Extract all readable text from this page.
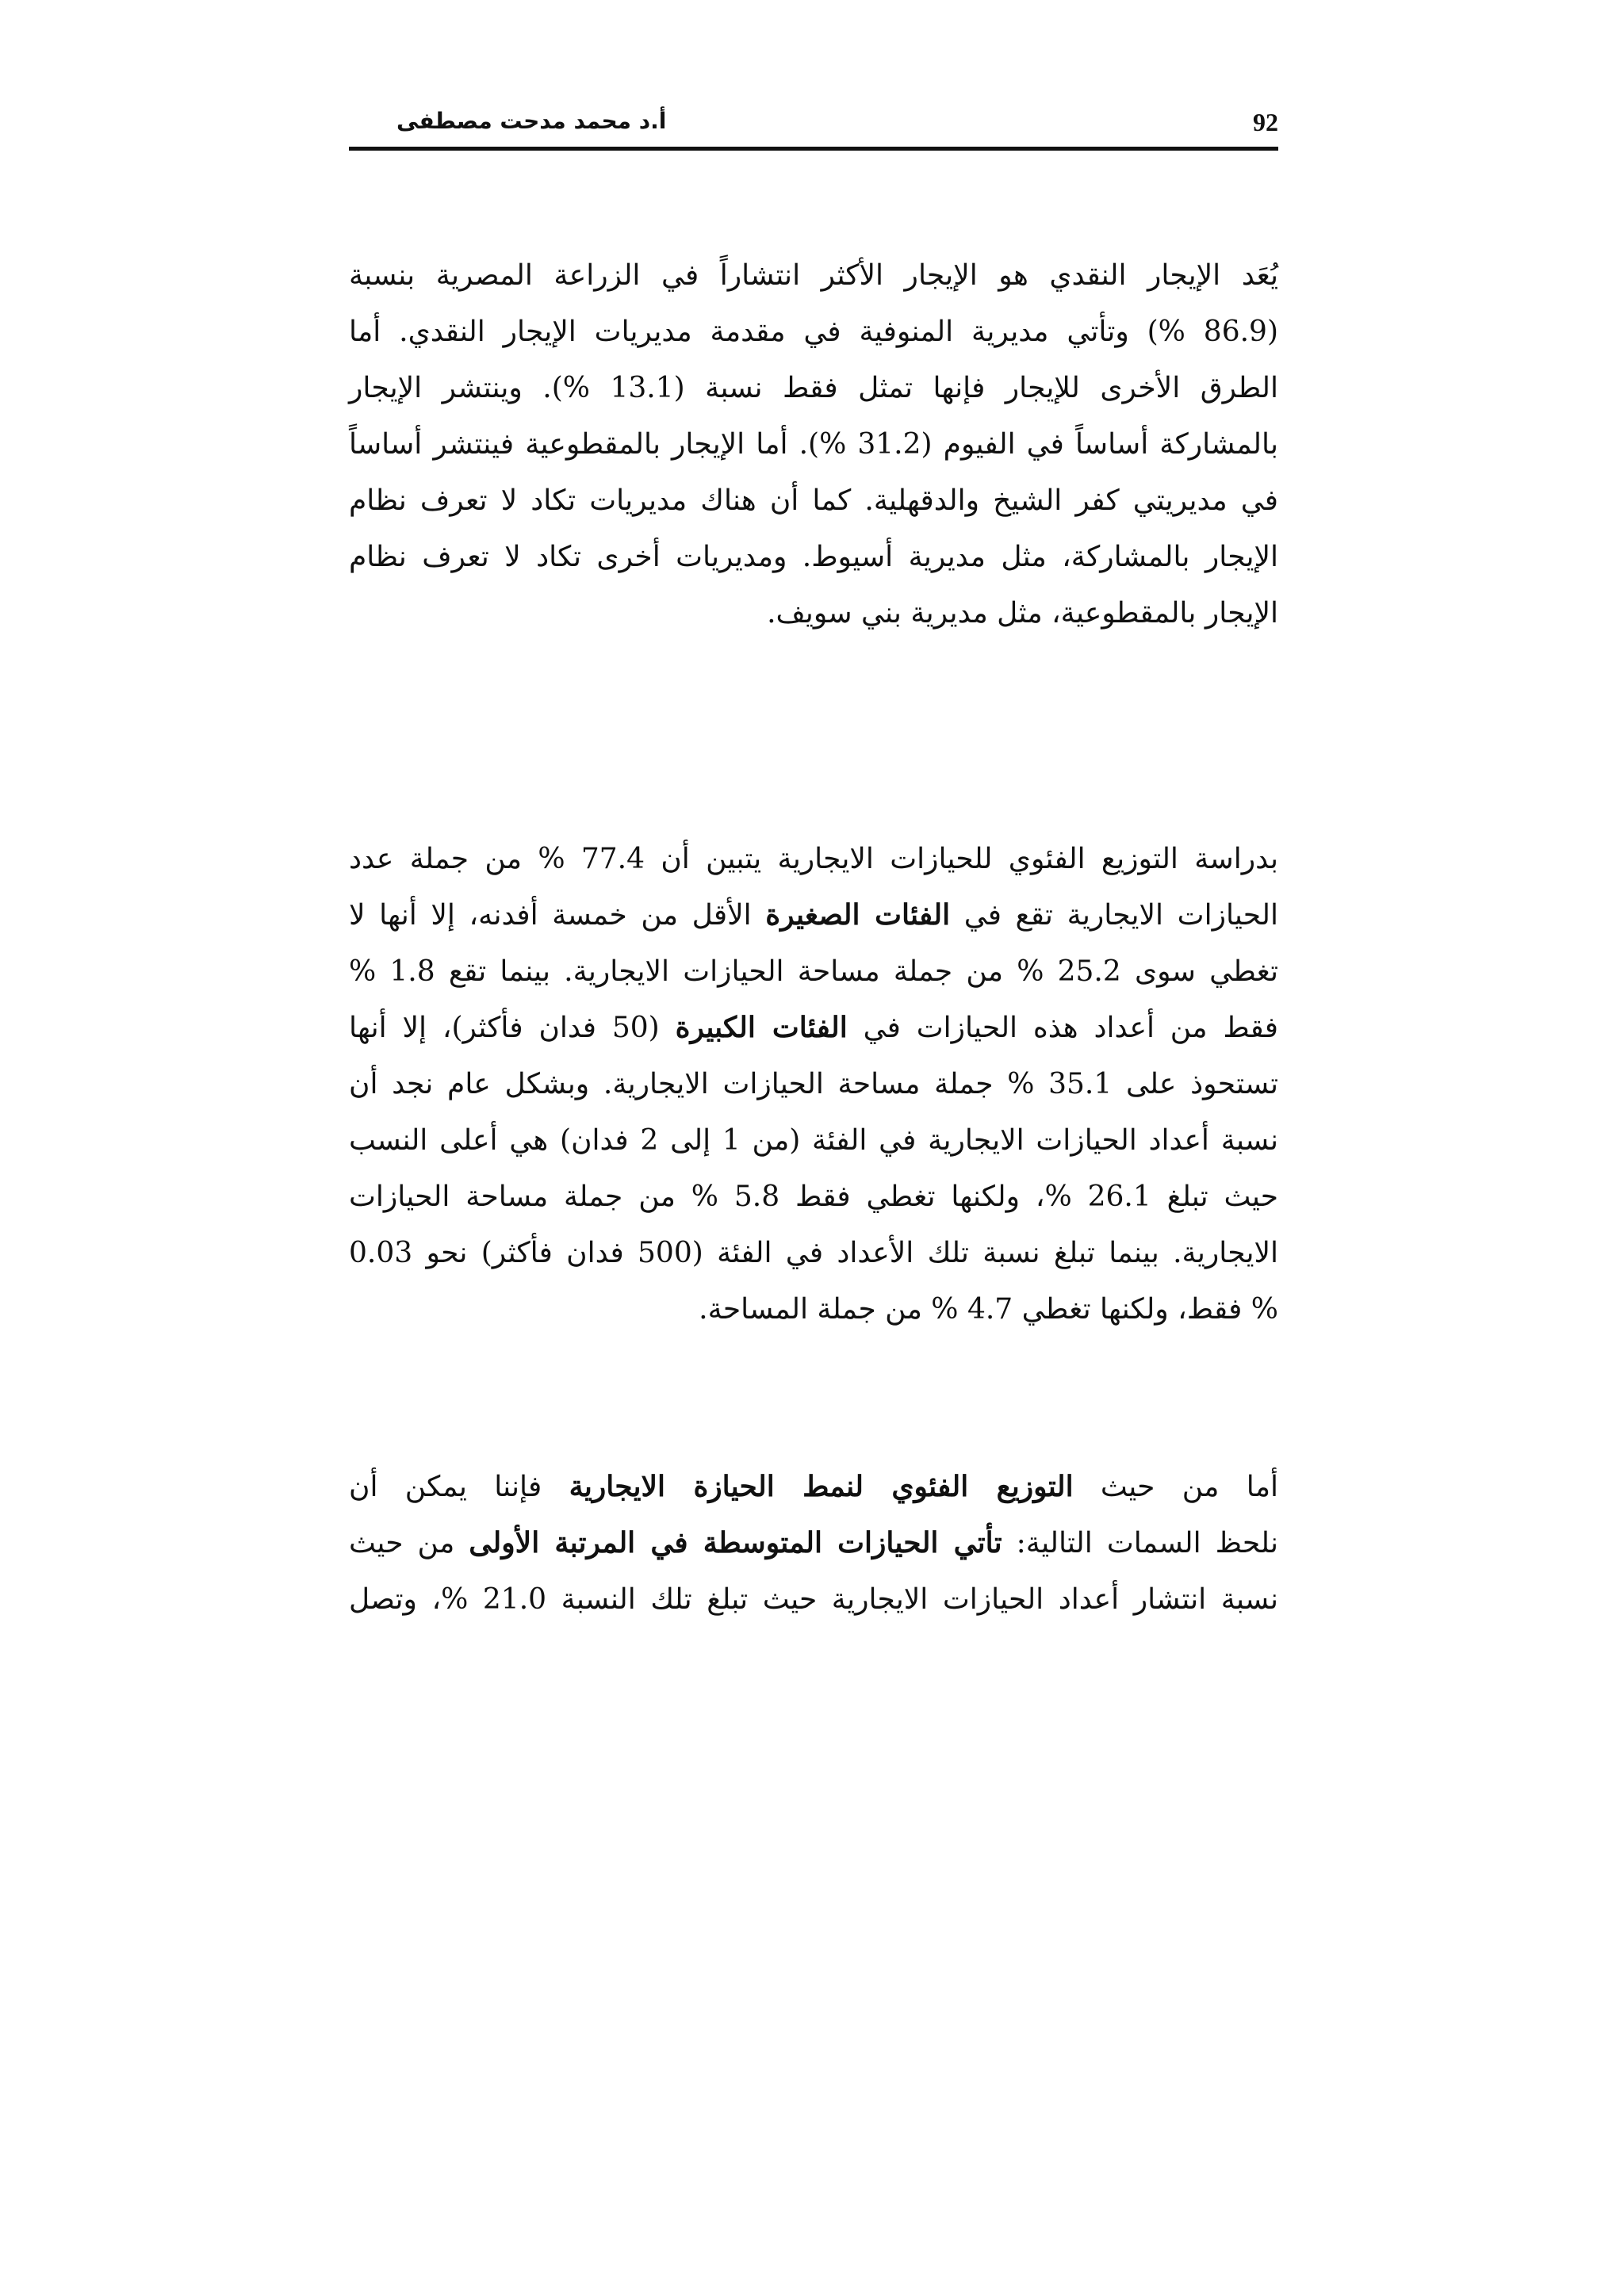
92
أ.د محمد مدحت مصطفى
يُعَد الإيجار النقدي هو الإيجار الأكثر انتشاراً في الزراعة المصرية بنسبة
(86.9 %) وتأتي مديرية المنوفية في مقدمة مديريات الإيجار النقدي. أما
الطرق الأخرى للإيجار فإنها تمثل فقط نسبة (13.1 %). وينتشر الإيجار
بالمشاركة أساساً في الفيوم (31.2 %). أما الإيجار بالمقطوعية فينتشر أساساً
في مديريتي كفر الشيخ والدقهلية. كما أن هناك مديريات تكاد لا تعرف نظام
الإيجار بالمشاركة، مثل مديرية أسيوط. ومديريات أخرى تكاد لا تعرف نظام
الإيجار بالمقطوعية، مثل مديرية بني سويف.
بدراسة التوزيع الفئوي للحيازات الايجارية يتبين أن 77.4 % من جملة عدد
الحيازات الايجارية تقع في الفئات الصغيرة الأقل من خمسة أفدنه، إلا أنها لا
تغطي سوى 25.2 % من جملة مساحة الحيازات الايجارية. بينما تقع 1.8 %
فقط من أعداد هذه الحيازات في الفئات الكبيرة (50 فدان فأكثر)، إلا أنها
تستحوذ على 35.1 % جملة مساحة الحيازات الايجارية. وبشكل عام نجد أن
نسبة أعداد الحيازات الايجارية في الفئة (من 1 إلى 2 فدان) هي أعلى النسب
حيث تبلغ 26.1 %، ولكنها تغطي فقط 5.8 % من جملة مساحة الحيازات
الايجارية. بينما تبلغ نسبة تلك الأعداد في الفئة (500 فدان فأكثر) نحو 0.03
% فقط، ولكنها تغطي 4.7 % من جملة المساحة.
أما من حيث التوزيع الفئوي لنمط الحيازة الايجارية فإننا يمكن أن
نلحظ السمات التالية: تأتي الحيازات المتوسطة في المرتبة الأولى من حيث
نسبة انتشار أعداد الحيازات الايجارية حيث تبلغ تلك النسبة 21.0 %، وتصل
